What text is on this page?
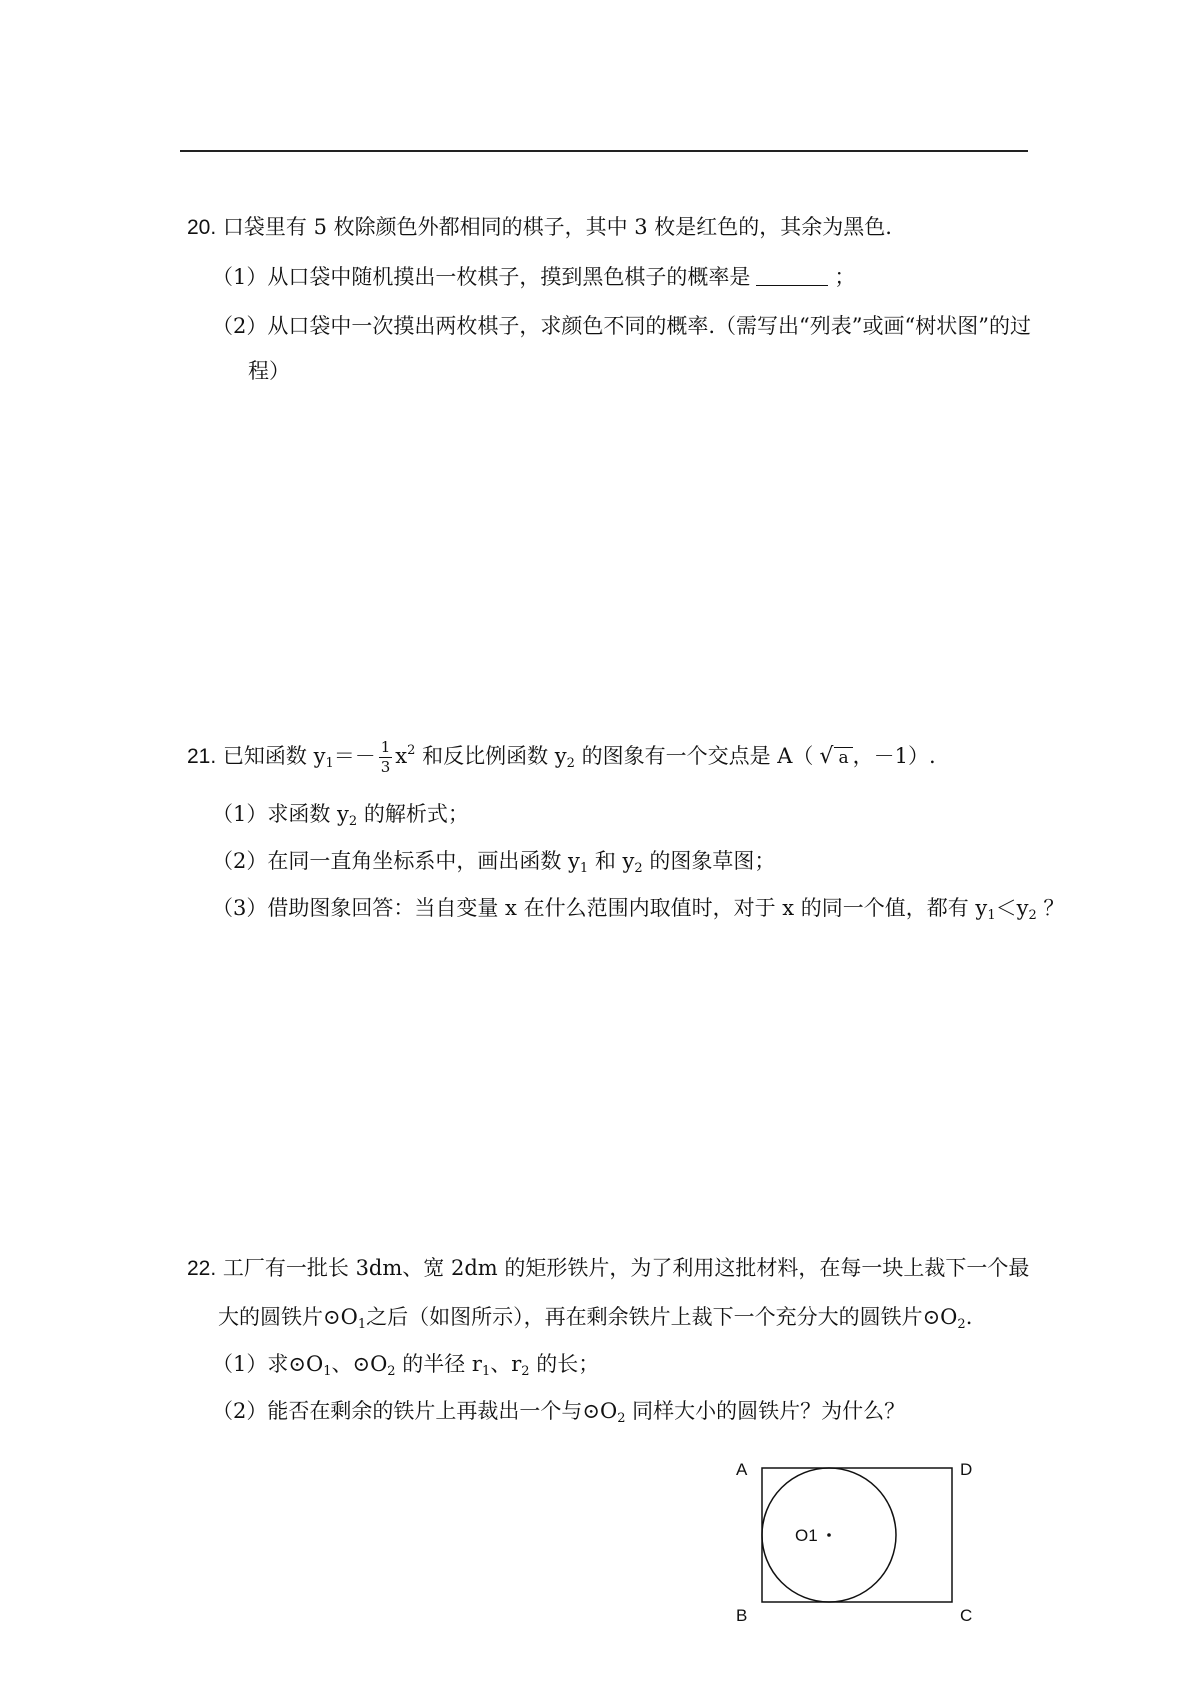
20. 口袋里有 5 枚除颜色外都相同的棋子，其中 3 枚是红色的，其余为黑色.
（1）从口袋中随机摸出一枚棋子，摸到黑色棋子的概率是	；
（2）从口袋中一次摸出两枚棋子，求颜色不同的概率.（需写出“列表”或画“树状图”的过
程）
21. 已知函数 $y_1=- \frac{1}{3} x^2$ 和反比例函数 $y_2$ 的图象有一个交点是 A（ √ a ，－1）.
（1）求函数 $y_2$ 的解析式；
（2）在同一直角坐标系中，画出函数 $y_1$ 和 $y_2$ 的图象草图；
（3）借助图象回答：当自变量 x 在什么范围内取值时，对于 x 的同一个值，都有 $y_1<y_2$ ？
22. 工厂有一批长 3dm、宽 2dm 的矩形铁片，为了利用这批材料，在每一块上裁下一个最
大的圆铁片$⊙O_1$之后（如图所示），再在剩余铁片上裁下一个充分大的圆铁片$⊙O_2$.
（1）求$⊙O_1$、$⊙O_2$ 的半径 $r_1$、$r_2$ 的长；
（2）能否在剩余的铁片上再裁出一个与$⊙O_2$ 同样大小的圆铁片？为什么？
A	D
B	C
O1
